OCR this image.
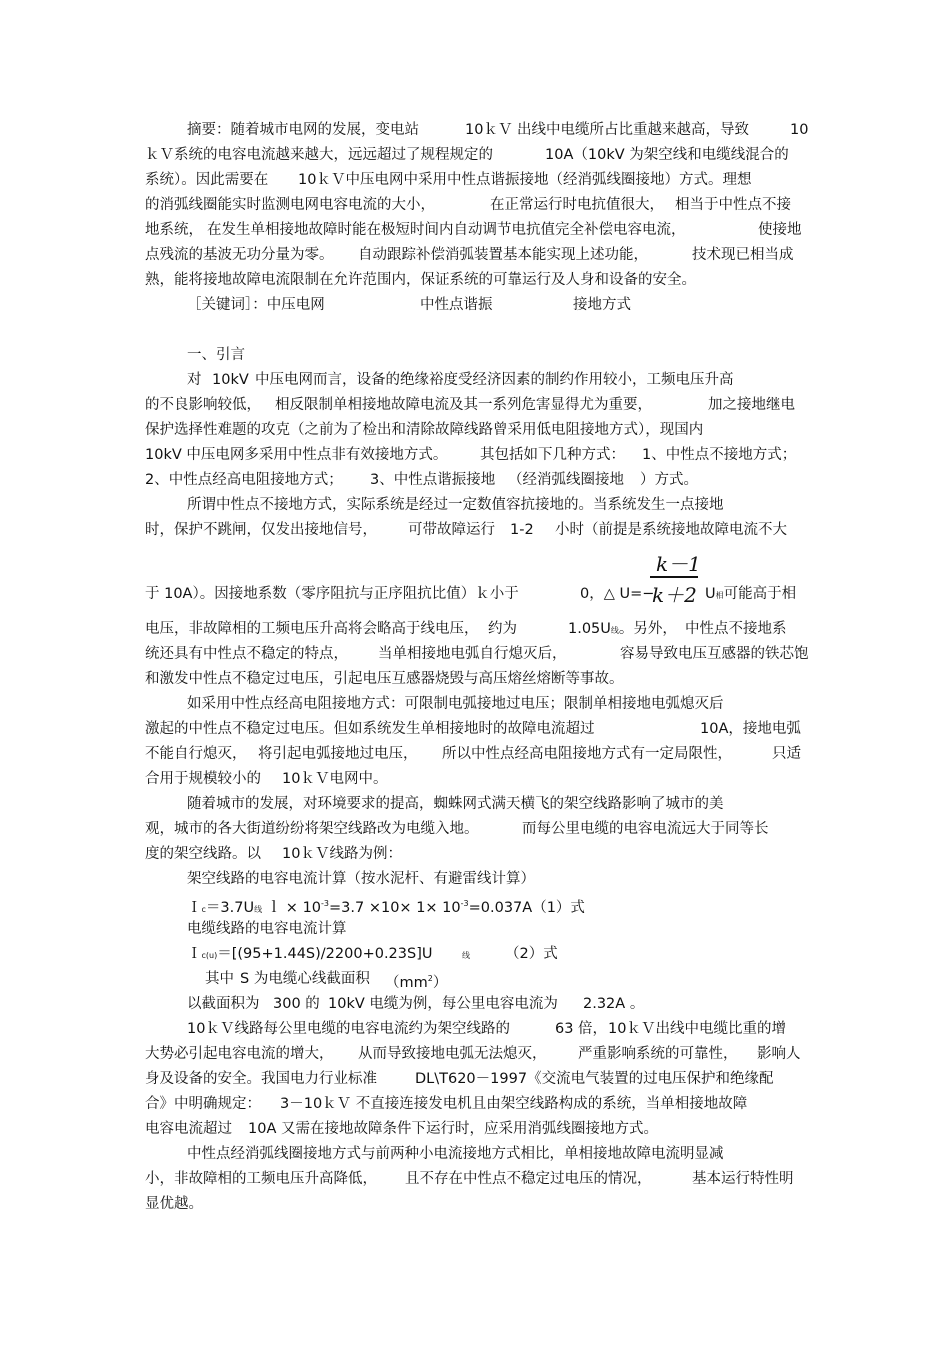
摘要：随着城市电网的发展，变电站	10ｋＶ 出线中电缆所占比重越来越高，导致	10
ｋＶ系统的电容电流越来越大，远远超过了规程规定的	10A（10kV 为架空线和电缆线混合的
系统）。因此需要在 10ｋＶ中压电网中采用中性点谐振接地（经消弧线圈接地）方式。理想
的消弧线圈能实时监测电网电容电流的大小，	在正常运行时电抗值很大， 相当于中性点不接
地系统， 在发生单相接地故障时能在极短时间内自动调节电抗值完全补偿电容电流，	使接地
点残流的基波无功分量为零。 自动跟踪补偿消弧装置基本能实现上述功能，	技术现已相当成
熟，能将接地故障电流限制在允许范围内，保证系统的可靠运行及人身和设备的安全。
［关键词］：中压电网	中性点谐振	接地方式
一、引言
对 10kV 中压电网而言，设备的绝缘裕度受经济因素的制约作用较小，工频电压升高
的不良影响较低， 相反限制单相接地故障电流及其一系列危害显得尤为重要，	加之接地继电
保护选择性难题的攻克（之前为了检出和清除故障线路曾采用低电阻接地方式），现国内
10kV 中压电网多采用中性点非有效接地方式。 其包括如下几种方式： 1、中性点不接地方式；
2、中性点经高电阻接地方式； 3、中性点谐振接地 （经消弧线圈接地 ）方式。
所谓中性点不接地方式，实际系统是经过一定数值容抗接地的。当系统发生一点接地
时，保护不跳闸，仅发出接地信号， 可带故障运行 1-2 小时（前提是系统接地故障电流不大
k－1
k＋2
于 10A）。因接地系数（零序阻抗与正序阻抗比值）ｋ小于	0，△ U=−	U相可能高于相
电压，非故障相的工频电压升高将会略高于线电压， 约为	1.05U线。另外， 中性点不接地系
统还具有中性点不稳定的特点， 当单相接地电弧自行熄灭后，	容易导致电压互感器的铁芯饱
和激发中性点不稳定过电压，引起电压互感器烧毁与高压熔丝熔断等事故。
如采用中性点经高电阻接地方式：可限制电弧接地过电压；限制单相接地电弧熄灭后
激起的中性点不稳定过电压。但如系统发生单相接地时的故障电流超过	10A，接地电弧
不能自行熄灭， 将引起电弧接地过电压， 所以中性点经高电阻接地方式有一定局限性，	只适
合用于规模较小的 10ｋＶ电网中。
随着城市的发展，对环境要求的提高，蜘蛛网式满天横飞的架空线路影响了城市的美
观，城市的各大街道纷纷将架空线路改为电缆入地。	而每公里电缆的电容电流远大于同等长
度的架空线路。以 10ｋＶ线路为例：
架空线路的电容电流计算（按水泥杆、有避雷线计算）
Ｉc＝3.7U线 ｌ × $10^{-3}=3.7 \times 10\times 1\times 10^{-3}=0.037A(1)$式
电缆线路的电容电流计算
Ｉc(u)＝[(95+1.44S)/2200+0.23S]U	线 （2）式
其中 S 为电缆心线截面积 $(mm^2)$
以截面积为 300 的 10kV 电缆为例，每公里电容电流为 2.32A 。
10ｋＶ线路每公里电缆的电容电流约为架空线路的	63 倍， 10ｋＶ出线中电缆比重的增
大势必引起电容电流的增大， 从而导致接地电弧无法熄灭， 严重影响系统的可靠性， 影响人
身及设备的安全。我国电力行业标准	DL\T620－1997《交流电气装置的过电压保护和绝缘配
合》中明确规定： 3－10ｋＶ 不直接连接发电机且由架空线路构成的系统，当单相接地故障
电容电流超过 10A 又需在接地故障条件下运行时，应采用消弧线圈接地方式。
中性点经消弧线圈接地方式与前两种小电流接地方式相比，单相接地故障电流明显减
小，非故障相的工频电压升高降低， 且不存在中性点不稳定过电压的情况，	基本运行特性明
显优越。
